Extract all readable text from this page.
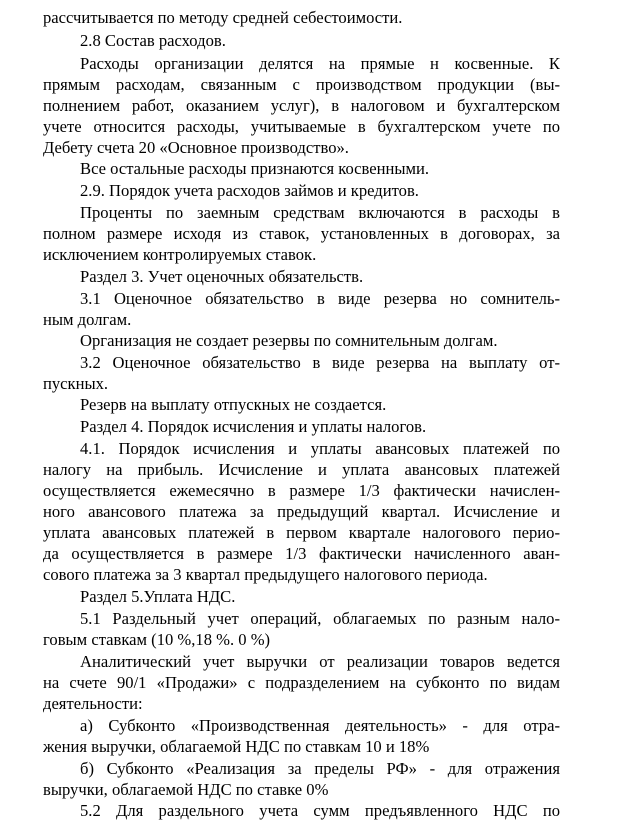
рассчитывается по методу средней себестоимости.
2.8 Состав расходов.
Расходы организации делятся на прямые н косвенные. К
прямым расходам, связанным с производством продукции (вы-
полнением работ, оказанием услуг), в налоговом и бухгалтерском
учете относится расходы, учитываемые в бухгалтерском учете по
Дебету счета 20 «Основное производство».
Все остальные расходы признаются косвенными.
2.9. Порядок учета расходов займов и кредитов.
Проценты по заемным средствам включаются в расходы в
полном размере исходя из ставок, установленных в договорах, за
исключением контролируемых ставок.
Раздел 3. Учет оценочных обязательств.
3.1 Оценочное обязательство в виде резерва но сомнитель-
ным долгам.
Организация не создает резервы по сомнительным долгам.
3.2 Оценочное обязательство в виде резерва на выплату от-
пускных.
Резерв на выплату отпускных не создается.
Раздел 4. Порядок исчисления и уплаты налогов.
4.1. Порядок исчисления и уплаты авансовых платежей по
налогу на прибыль. Исчисление и уплата авансовых платежей
осуществляется ежемесячно в размере 1/3 фактически начислен-
ного авансового платежа за предыдущий квартал. Исчисление и
уплата авансовых платежей в первом квартале налогового перио-
да осуществляется в размере 1/3 фактически начисленного аван-
сового платежа за 3 квартал предыдущего налогового периода.
Раздел 5.Уплата НДС.
5.1 Раздельный учет операций, облагаемых по разным нало-
говым ставкам (10 %,18 %. 0 %)
Аналитический учет выручки от реализации товаров ведется
на счете 90/1 «Продажи» с подразделением на субконто по видам
деятельности:
а) Субконто «Производственная деятельность» - для отра-
жения выручки, облагаемой НДС по ставкам 10 и 18%
б) Субконто «Реализация за пределы РФ» - для отражения
выручки, облагаемой НДС по ставке 0%
5.2 Для раздельного учета сумм предъявленного НДС по
